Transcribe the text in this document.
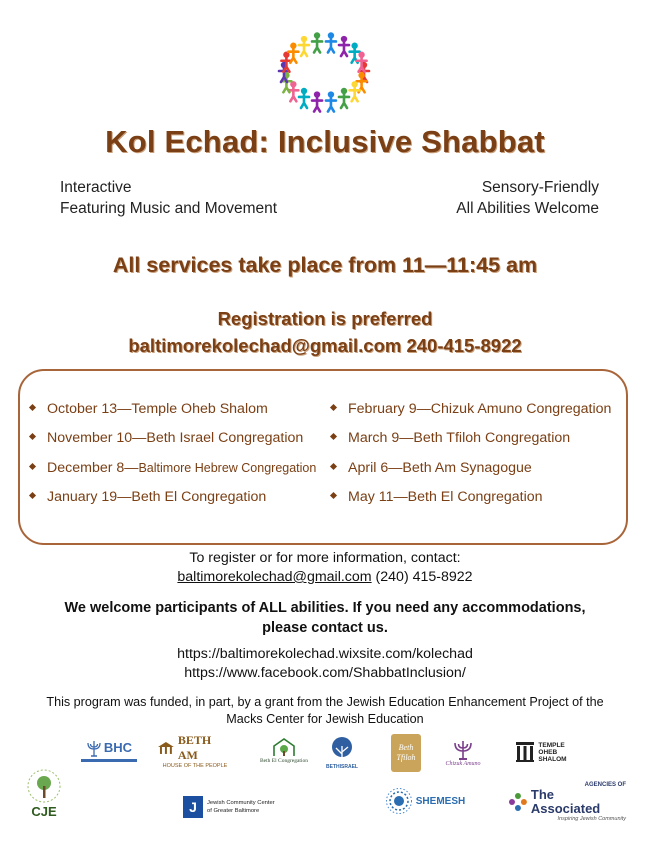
Kol Echad: Inclusive Shabbat
Interactive
Featuring Music and Movement
Sensory-Friendly
All Abilities Welcome
All services take place from 11—11:45 am
Registration is preferred
baltimorekolechad@gmail.com 240-415-8922
October 13—Temple Oheb Shalom
November 10—Beth Israel Congregation
December 8—Baltimore Hebrew Congregation
January 19—Beth El Congregation
February 9—Chizuk Amuno Congregation
March 9—Beth Tfiloh Congregation
April 6—Beth Am Synagogue
May 11—Beth El Congregation
To register or for more information, contact:
baltimorekolechad@gmail.com (240) 415-8922
We welcome participants of ALL abilities. If you need any accommodations,
please contact us.
https://baltimorekolechad.wixsite.com/kolechad
https://www.facebook.com/ShabbatInclusion/
This program was funded, in part, by a grant from the Jewish Education Enhancement Project of the
Macks Center for Jewish Education
BHC	BETH AM
HOUSE OF THE PEOPLE
Beth El Congregation
BETHISRAEL
Beth Tfiloh
Chizuk Amuno
TEMPLE
OHEB
SHALOM
CJE	J	Jewish Community Center
of Greater Baltimore
SHEMESH
AGENCIES OF
The Associated
Inspiring Jewish Community
